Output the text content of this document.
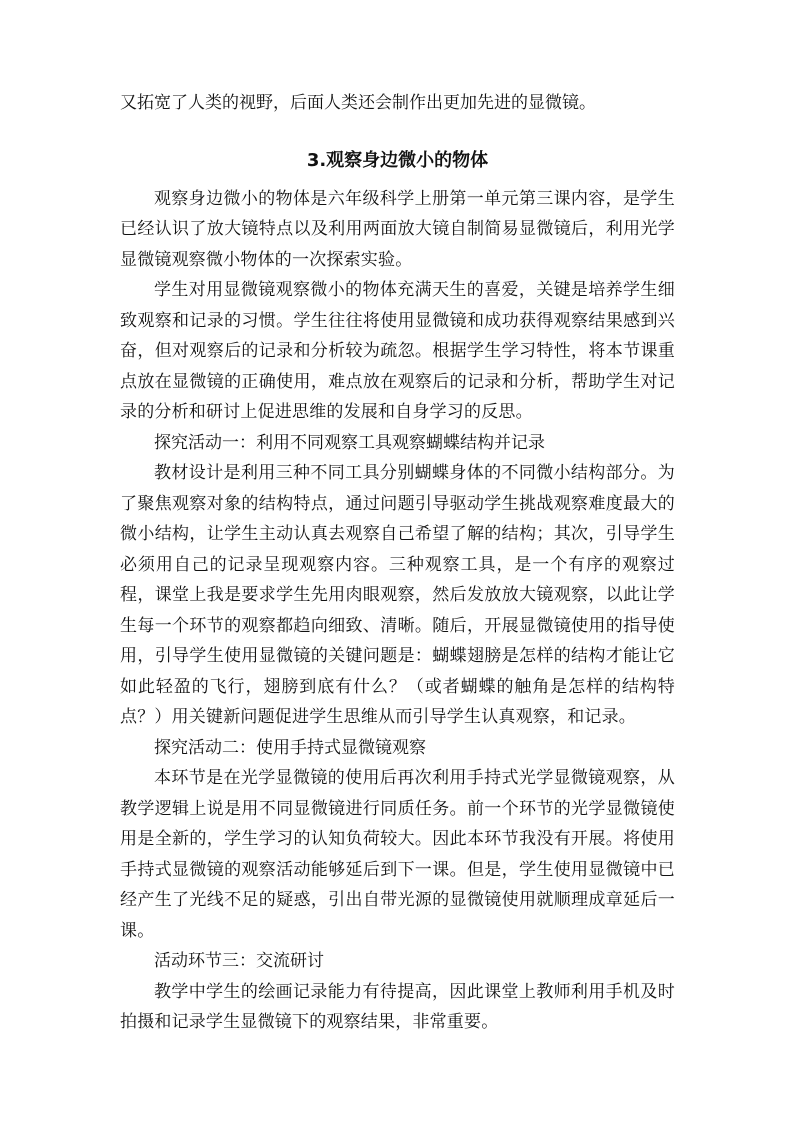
又拓宽了人类的视野，后面人类还会制作出更加先进的显微镜。
3.观察身边微小的物体

观察身边微小的物体是六年级科学上册第一单元第三课内容，是学生已经认识了放大镜特点以及利用两面放大镜自制简易显微镜后，利用光学显微镜观察微小物体的一次探索实验。

学生对用显微镜观察微小的物体充满天生的喜爱，关键是培养学生细致观察和记录的习惯。学生往往将使用显微镜和成功获得观察结果感到兴奋，但对观察后的记录和分析较为疏忽。根据学生学习特性，将本节课重点放在显微镜的正确使用，难点放在观察后的记录和分析，帮助学生对记录的分析和研讨上促进思维的发展和自身学习的反思。

探究活动一：利用不同观察工具观察蝴蝶结构并记录

教材设计是利用三种不同工具分别蝴蝶身体的不同微小结构部分。为了聚焦观察对象的结构特点，通过问题引导驱动学生挑战观察难度最大的微小结构，让学生主动认真去观察自己希望了解的结构；其次，引导学生必须用自己的记录呈现观察内容。三种观察工具，是一个有序的观察过程，课堂上我是要求学生先用肉眼观察，然后发放放大镜观察，以此让学生每一个环节的观察都趋向细致、清晰。随后，开展显微镜使用的指导使用，引导学生使用显微镜的关键问题是：蝴蝶翅膀是怎样的结构才能让它如此轻盈的飞行，翅膀到底有什么？（或者蝴蝶的触角是怎样的结构特点？）用关键新问题促进学生思维从而引导学生认真观察，和记录。

探究活动二：使用手持式显微镜观察

本环节是在光学显微镜的使用后再次利用手持式光学显微镜观察，从教学逻辑上说是用不同显微镜进行同质任务。前一个环节的光学显微镜使用是全新的，学生学习的认知负荷较大。因此本环节我没有开展。将使用手持式显微镜的观察活动能够延后到下一课。但是，学生使用显微镜中已经产生了光线不足的疑惑，引出自带光源的显微镜使用就顺理成章延后一课。

活动环节三：交流研讨

教学中学生的绘画记录能力有待提高，因此课堂上教师利用手机及时拍摄和记录学生显微镜下的观察结果，非常重要。
